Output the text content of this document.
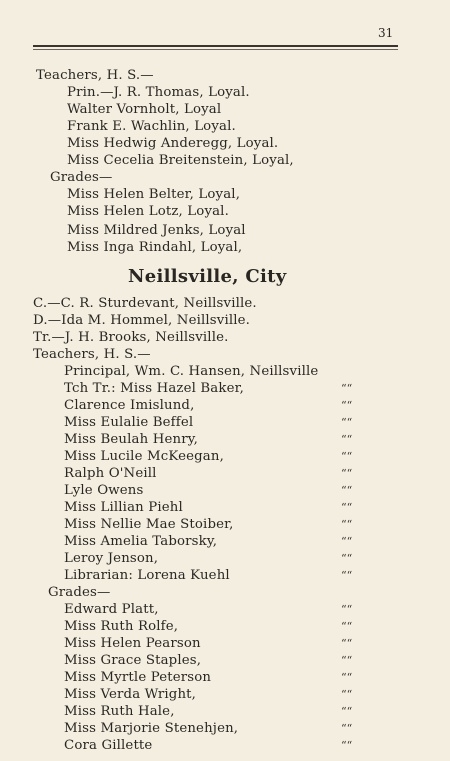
31
Teachers, H. S.—
Prin.—J. R. Thomas, Loyal.
Walter Vornholt, Loyal
Frank E. Wachlin, Loyal.
Miss Hedwig Anderegg, Loyal.
Miss Cecelia Breitenstein, Loyal,
Grades—
Miss Helen Belter, Loyal,
Miss Helen Lotz, Loyal.
Miss Mildred Jenks, Loyal
Miss Inga Rindahl, Loyal,
Neillsville, City
C.—C. R. Sturdevant, Neillsville.
D.—Ida M. Hommel, Neillsville.
Tr.—J. H. Brooks, Neillsville.
Teachers, H. S.—
Principal, Wm. C. Hansen, Neillsville
Tch Tr.: Miss Hazel Baker,
Clarence Imislund,
Miss Eulalie Beffel
Miss Beulah Henry,
Miss Lucile McKeegan,
Ralph O'Neill
Lyle Owens
Miss Lillian Piehl
Miss Nellie Mae Stoiber,
Miss Amelia Taborsky,
Leroy Jenson,
Librarian: Lorena Kuehl
Grades—
Edward Platt,
Miss Ruth Rolfe,
Miss Helen Pearson
Miss Grace Staples,
Miss Myrtle Peterson
Miss Verda Wright,
Miss Ruth Hale,
Miss Marjorie Stenehjen,
Cora Gillette
““
““
““
““
““
““
““
““
““
““
““
““
““
““
““
““
““
““
““
““
““
